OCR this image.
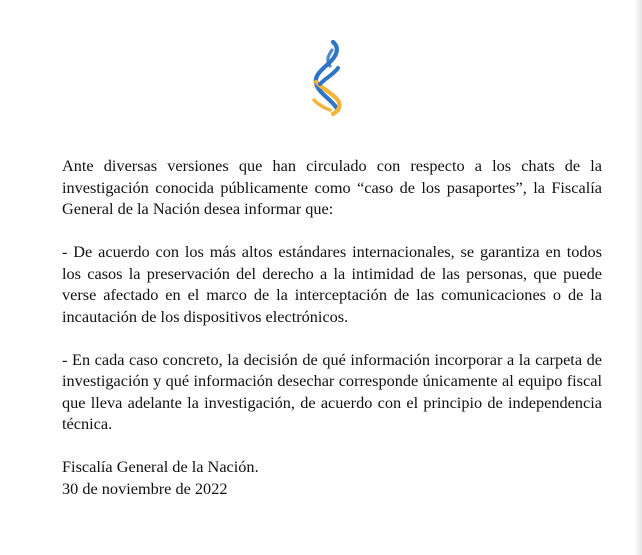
Ante diversas versiones que han circulado con respecto a los chats de la investigación conocida públicamente como “caso de los pasaportes”, la Fiscalía General de la Nación desea informar que:

- De acuerdo con los más altos estándares internacionales, se garantiza en todos los casos la preservación del derecho a la intimidad de las personas, que puede verse afectado en el marco de la interceptación de las comunicaciones o de la incautación de los dispositivos electrónicos.

- En cada caso concreto, la decisión de qué información incorporar a la carpeta de investigación y qué información desechar corresponde únicamente al equipo fiscal que lleva adelante la investigación, de acuerdo con el principio de independencia técnica.

Fiscalía General de la Nación.
30 de noviembre de 2022
